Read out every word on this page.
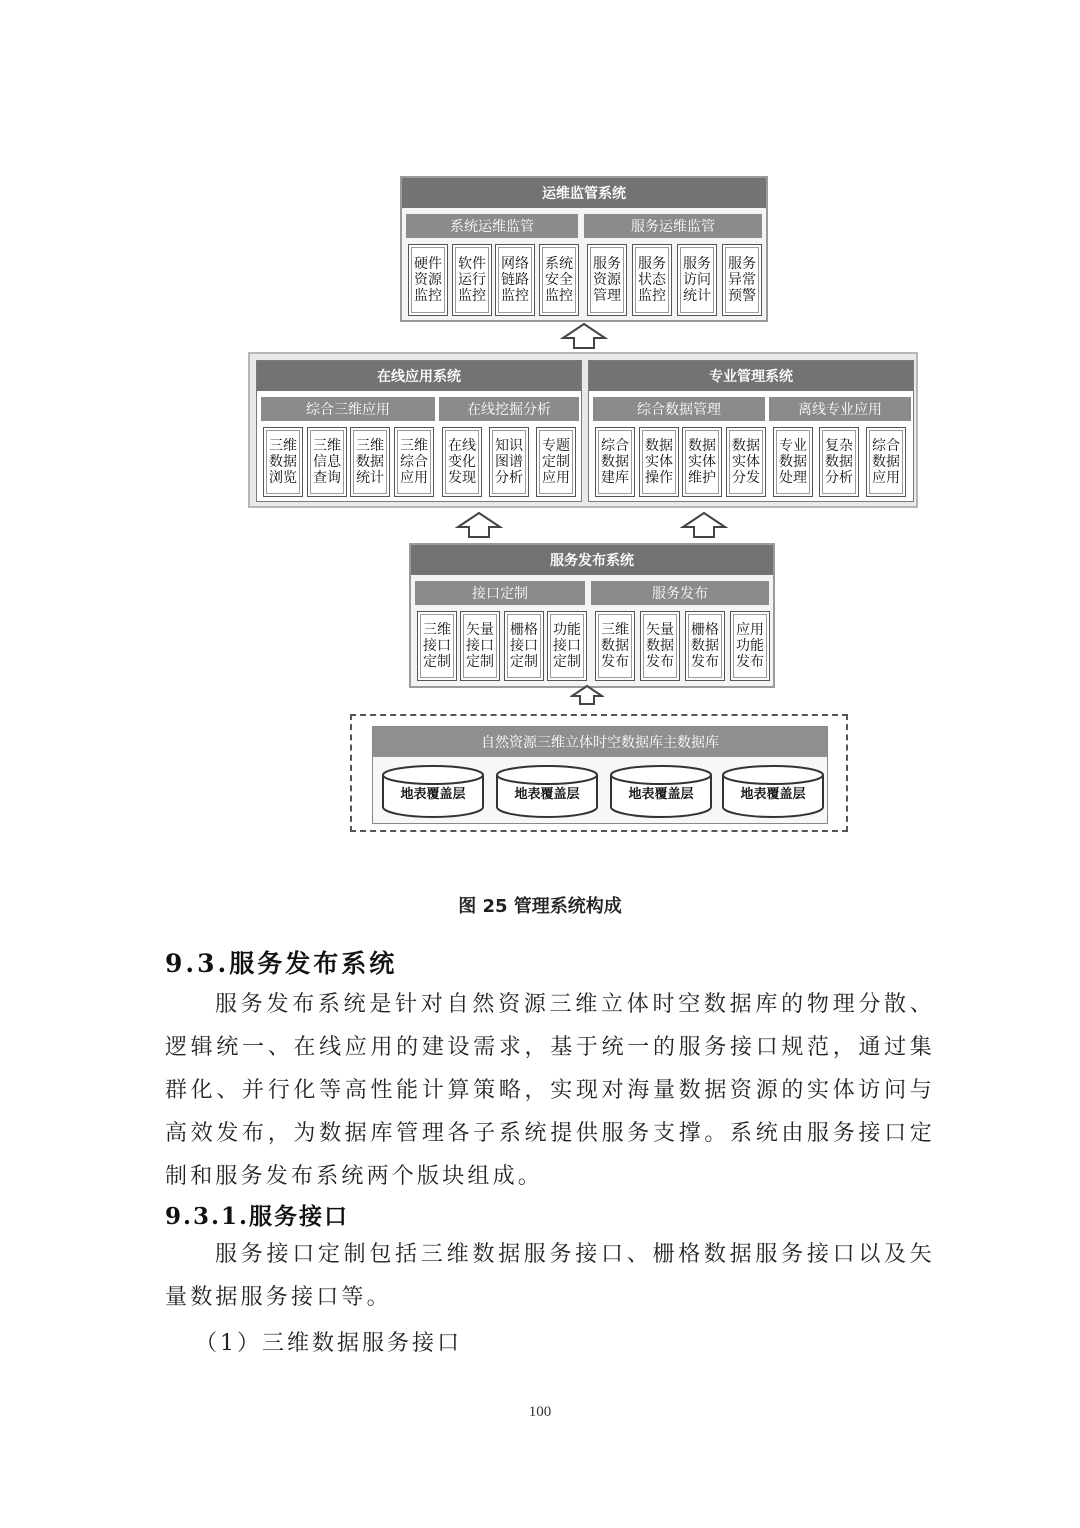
运维监管系统
系统运维监管	服务运维监管
硬件资源监控
软件运行监控
网络链路监控
系统安全监控
服务资源管理
服务状态监控
服务访问统计
服务异常预警
在线应用系统
综合三维应用	在线挖掘分析
三维数据浏览
三维信息查询
三维数据统计
三维综合应用
在线变化发现
知识图谱分析
专题定制应用
专业管理系统
综合数据管理	离线专业应用
综合数据建库
数据实体操作
数据实体维护
数据实体分发
专业数据处理
复杂数据分析
综合数据应用
服务发布系统
接口定制	服务发布
三维接口定制
矢量接口定制
栅格接口定制
功能接口定制
三维数据发布
矢量数据发布
栅格数据发布
应用功能发布
自然资源三维立体时空数据库主数据库
地表覆盖层	地表覆盖层	地表覆盖层	地表覆盖层
图 25 管理系统构成
9.3.服务发布系统
服务发布系统是针对自然资源三维立体时空数据库的物理分散、逻辑统一、在线应用的建设需求，基于统一的服务接口规范，通过集群化、并行化等高性能计算策略，实现对海量数据资源的实体访问与高效发布，为数据库管理各子系统提供服务支撑。系统由服务接口定制和服务发布系统两个版块组成。
9.3.1.服务接口
服务接口定制包括三维数据服务接口、栅格数据服务接口以及矢量数据服务接口等。
（1）三维数据服务接口
100
